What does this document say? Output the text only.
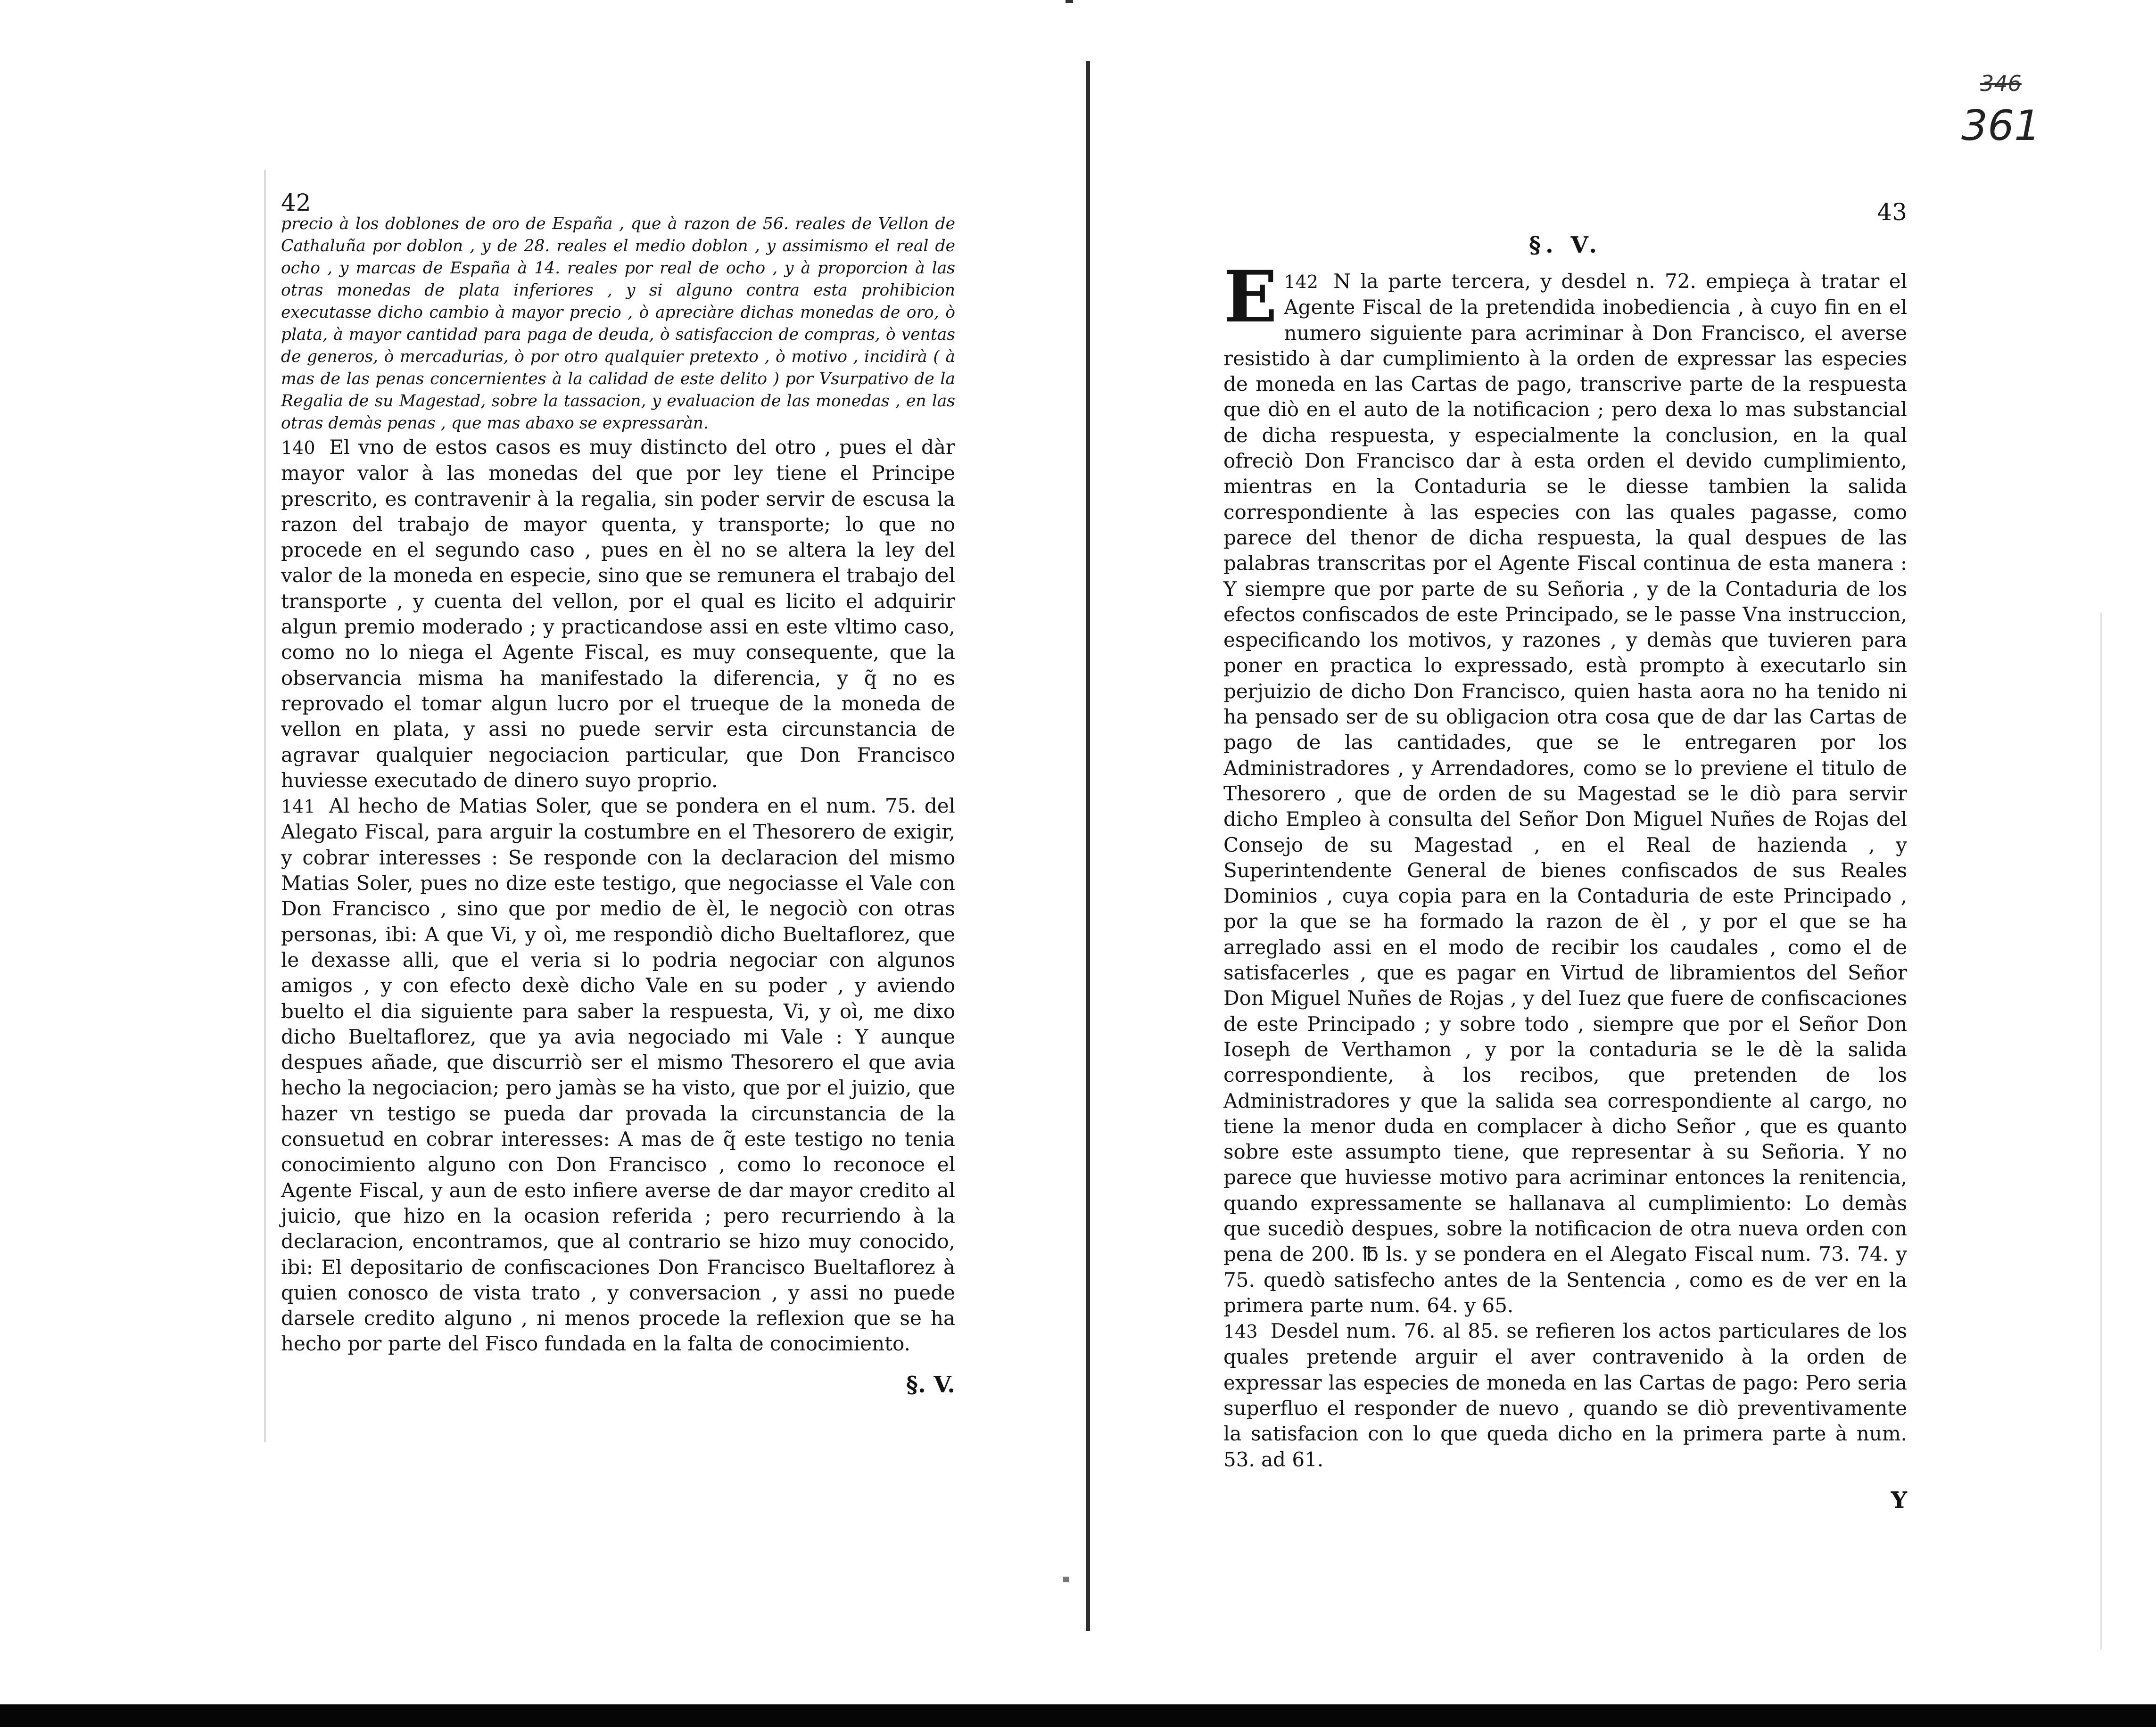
346
361
42

precio à los doblones de oro de España , que à razon de 56. reales de Vellon de Cathaluña por doblon , y de 28. reales el medio doblon , y assimismo el real de ocho , y marcas de España à 14. reales por real de ocho , y à proporcion à las otras monedas de plata inferiores , y si alguno contra esta prohibicion executasse dicho cambio à mayor precio , ò apreciàre dichas monedas de oro, ò plata, à mayor cantidad para paga de deuda, ò satisfaccion de compras, ò ventas de generos, ò mercadurias, ò por otro qualquier pretexto , ò motivo , incidirà ( à mas de las penas concernientes à la calidad de este delito ) por Vsurpativo de la Regalia de su Magestad, sobre la tassacion, y evaluacion de las monedas , en las otras demàs penas , que mas abaxo se expressaràn.

140 El vno de estos casos es muy distincto del otro , pues el dàr mayor valor à las monedas del que por ley tiene el Principe prescrito, es contravenir à la regalia, sin poder servir de escusa la razon del trabajo de mayor quenta, y transporte; lo que no procede en el segundo caso , pues en èl no se altera la ley del valor de la moneda en especie, sino que se remunera el trabajo del transporte , y cuenta del vellon, por el qual es licito el adquirir algun premio moderado ; y practicandose assi en este vltimo caso, como no lo niega el Agente Fiscal, es muy consequente, que la observancia misma ha manifestado la diferencia, y q̃ no es reprovado el tomar algun lucro por el trueque de la moneda de vellon en plata, y assi no puede servir esta circunstancia de agravar qualquier negociacion particular, que Don Francisco huviesse executado de dinero suyo proprio.

141 Al hecho de Matias Soler, que se pondera en el num. 75. del Alegato Fiscal, para arguir la costumbre en el Thesorero de exigir, y cobrar interesses : Se responde con la declaracion del mismo Matias Soler, pues no dize este testigo, que negociasse el Vale con Don Francisco , sino que por medio de èl, le negociò con otras personas, ibi: A que Vi, y oì, me respondiò dicho Bueltaflorez, que le dexasse alli, que el veria si lo podria negociar con algunos amigos , y con efecto dexè dicho Vale en su poder , y aviendo buelto el dia siguiente para saber la respuesta, Vi, y oì, me dixo dicho Bueltaflorez, que ya avia negociado mi Vale : Y aunque despues añade, que discurriò ser el mismo Thesorero el que avia hecho la negociacion; pero jamàs se ha visto, que por el juizio, que hazer vn testigo se pueda dar provada la circunstancia de la consuetud en cobrar interesses: A mas de q̃ este testigo no tenia conocimiento alguno con Don Francisco , como lo reconoce el Agente Fiscal, y aun de esto infiere averse de dar mayor credito al juicio, que hizo en la ocasion referida ; pero recurriendo à la declaracion, encontramos, que al contrario se hizo muy conocido, ibi: El depositario de confiscaciones Don Francisco Bueltaflorez à quien conosco de vista trato , y conversacion , y assi no puede darsele credito alguno , ni menos procede la reflexion que se ha hecho por parte del Fisco fundada en la falta de conocimiento.

§. V.
43
§. V.

142
E	N la parte tercera, y desdel n. 72. empieça à tratar el Agente Fiscal de la pretendida inobediencia , à cuyo fin en el numero siguiente para acriminar à Don Francisco, el averse resistido à dar cumplimiento à la orden de expressar las especies de moneda en las Cartas de pago, transcrive parte de la respuesta que diò en el auto de la notificacion ; pero dexa lo mas substancial de dicha respuesta, y especialmente la conclusion, en la qual ofreciò Don Francisco dar à esta orden el devido cumplimiento, mientras en la Contaduria se le diesse tambien la salida correspondiente à las especies con las quales pagasse, como parece del thenor de dicha respuesta, la qual despues de las palabras transcritas por el Agente Fiscal continua de esta manera : Y siempre que por parte de su Señoria , y de la Contaduria de los efectos confiscados de este Principado, se le passe Vna instruccion, especificando los motivos, y razones , y demàs que tuvieren para poner en practica lo expressado, està prompto à executarlo sin perjuizio de dicho Don Francisco, quien hasta aora no ha tenido ni ha pensado ser de su obligacion otra cosa que de dar las Cartas de pago de las cantidades, que se le entregaren por los Administradores , y Arrendadores, como se lo previene el titulo de Thesorero , que de orden de su Magestad se le diò para servir dicho Empleo à consulta del Señor Don Miguel Nuñes de Rojas del Consejo de su Magestad , en el Real de hazienda , y Superintendente General de bienes confiscados de sus Reales Dominios , cuya copia para en la Contaduria de este Principado , por la que se ha formado la razon de èl , y por el que se ha arreglado assi en el modo de recibir los caudales , como el de satisfacerles , que es pagar en Virtud de libramientos del Señor Don Miguel Nuñes de Rojas , y del Iuez que fuere de confiscaciones de este Principado ; y sobre todo , siempre que por el Señor Don Ioseph de Verthamon , y por la contaduria se le dè la salida correspondiente, à los recibos, que pretenden de los Administradores y que la salida sea correspondiente al cargo, no tiene la menor duda en complacer à dicho Señor , que es quanto sobre este assumpto tiene, que representar à su Señoria. Y no parece que huviesse motivo para acriminar entonces la renitencia, quando expressamente se hallanava al cumplimiento: Lo demàs que sucediò despues, sobre la notificacion de otra nueva orden con pena de 200. ℔ ls. y se pondera en el Alegato Fiscal num. 73. 74. y 75. quedò satisfecho antes de la Sentencia , como es de ver en la primera parte num. 64. y 65.

143 Desdel num. 76. al 85. se refieren los actos particulares de los quales pretende arguir el aver contravenido à la orden de expressar las especies de moneda en las Cartas de pago: Pero seria superfluo el responder de nuevo , quando se diò preventivamente la satisfacion con lo que queda dicho en la primera parte à num. 53. ad 61.

Y
